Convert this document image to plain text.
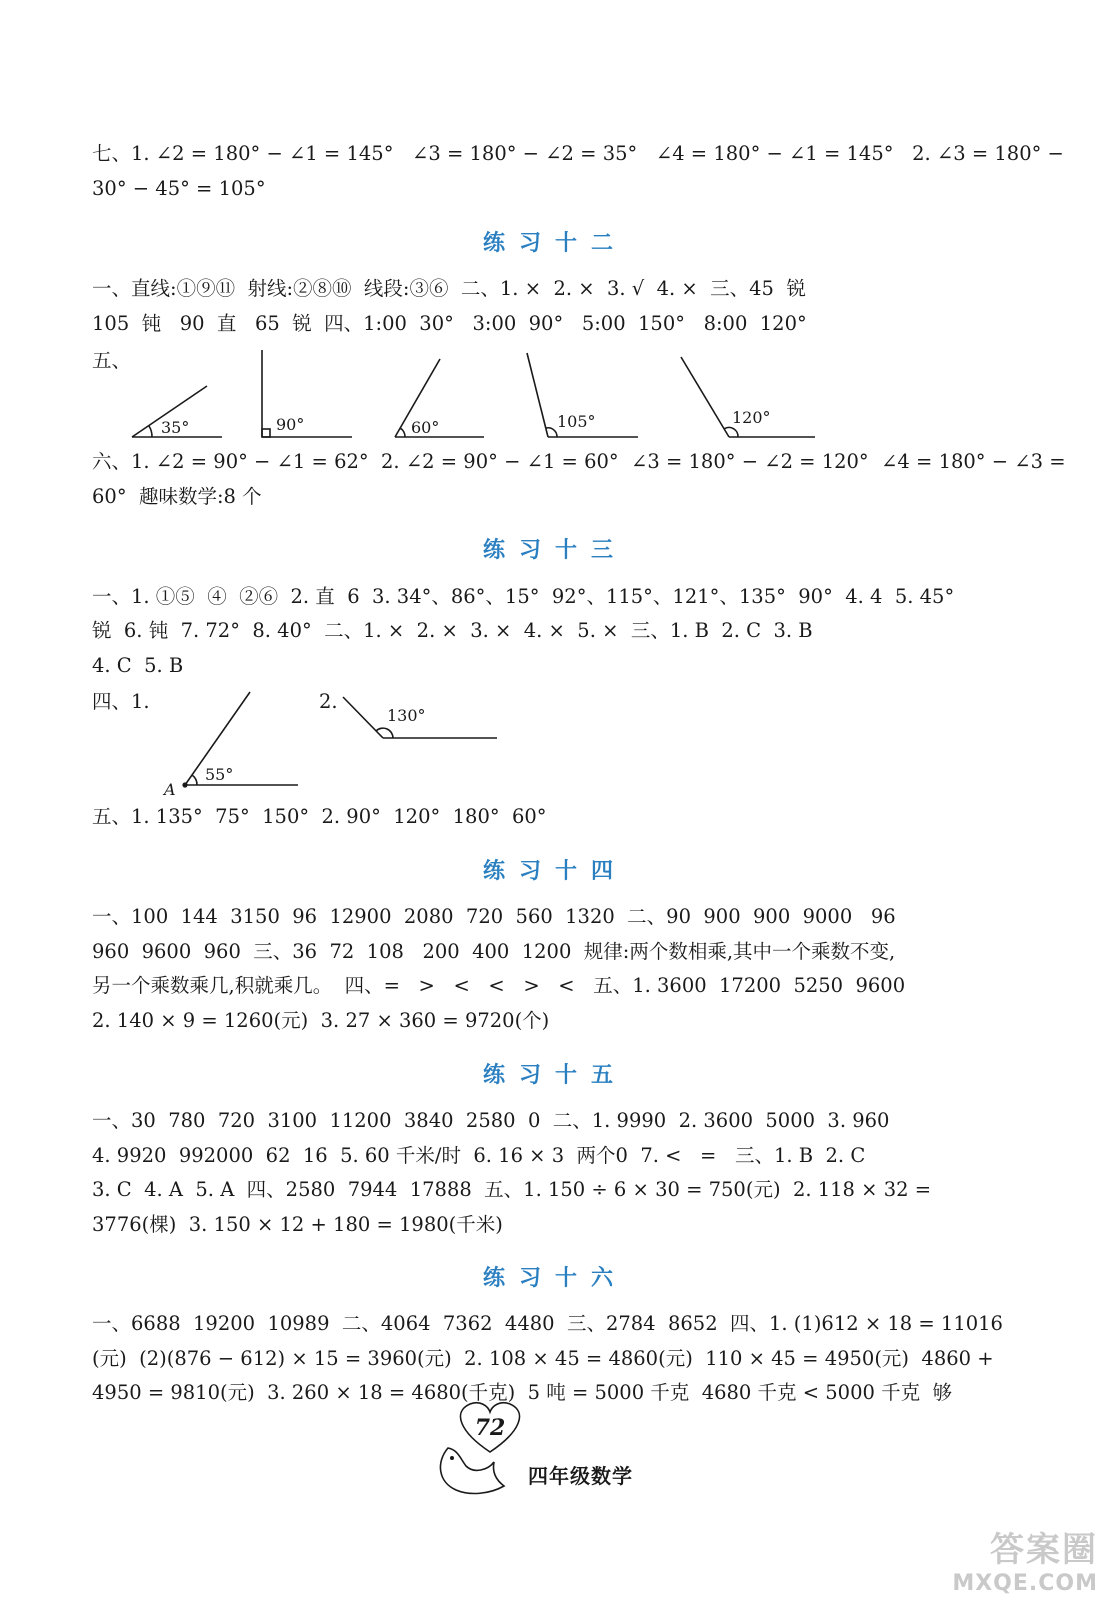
七、1. ∠2 = 180° − ∠1 = 145°   ∠3 = 180° − ∠2 = 35°   ∠4 = 180° − ∠1 = 145°   2. ∠3 = 180° −
30° − 45° = 105°
练习十二
一、直线:①⑨⑪  射线:②⑧⑩  线段:③⑥  二、1. ×  2. ×  3. √  4. ×  三、45  锐
105  钝   90  直   65  锐  四、1:00  30°   3:00  90°   5:00  150°   8:00  120°
五、
35°	90°	60°	105°	120°
55°
130°
A
六、1. ∠2 = 90° − ∠1 = 62°  2. ∠2 = 90° − ∠1 = 60°  ∠3 = 180° − ∠2 = 120°  ∠4 = 180° − ∠3 =
60°  趣味数学:8 个
练习十三
一、1. ①⑤  ④  ②⑥  2. 直  6  3. 34°、86°、15°  92°、115°、121°、135°  90°  4. 4  5. 45°
锐  6. 钝  7. 72°  8. 40°  二、1. ×  2. ×  3. ×  4. ×  5. ×  三、1. B  2. C  3. B
4. C  5. B
四、1.	2.
五、1. 135°  75°  150°  2. 90°  120°  180°  60°
练习十四
一、100  144  3150  96  12900  2080  720  560  1320  二、90  900  900  9000   96
960  9600  960  三、36  72  108   200  400  1200  规律:两个数相乘,其中一个乘数不变,
另一个乘数乘几,积就乘几。  四、=   >   <   <   >   <   五、1. 3600  17200  5250  9600
2. 140 × 9 = 1260(元)  3. 27 × 360 = 9720(个)
练习十五
一、30  780  720  3100  11200  3840  2580  0  二、1. 9990  2. 3600  5000  3. 960
4. 9920  992000  62  16  5. 60 千米/时  6. 16 × 3  两个0  7. <   =   三、1. B  2. C
3. C  4. A  5. A  四、2580  7944  17888  五、1. 150 ÷ 6 × 30 = 750(元)  2. 118 × 32 =
3776(棵)  3. 150 × 12 + 180 = 1980(千米)
练习十六
一、6688  19200  10989  二、4064  7362  4480  三、2784  8652  四、1. (1)612 × 18 = 11016
(元)  (2)(876 − 612) × 15 = 3960(元)  2. 108 × 45 = 4860(元)  110 × 45 = 4950(元)  4860 +
4950 = 9810(元)  3. 260 × 18 = 4680(千克)  5 吨 = 5000 千克  4680 千克 < 5000 千克  够
72
四年级数学
答案圈
MXQE.COM
